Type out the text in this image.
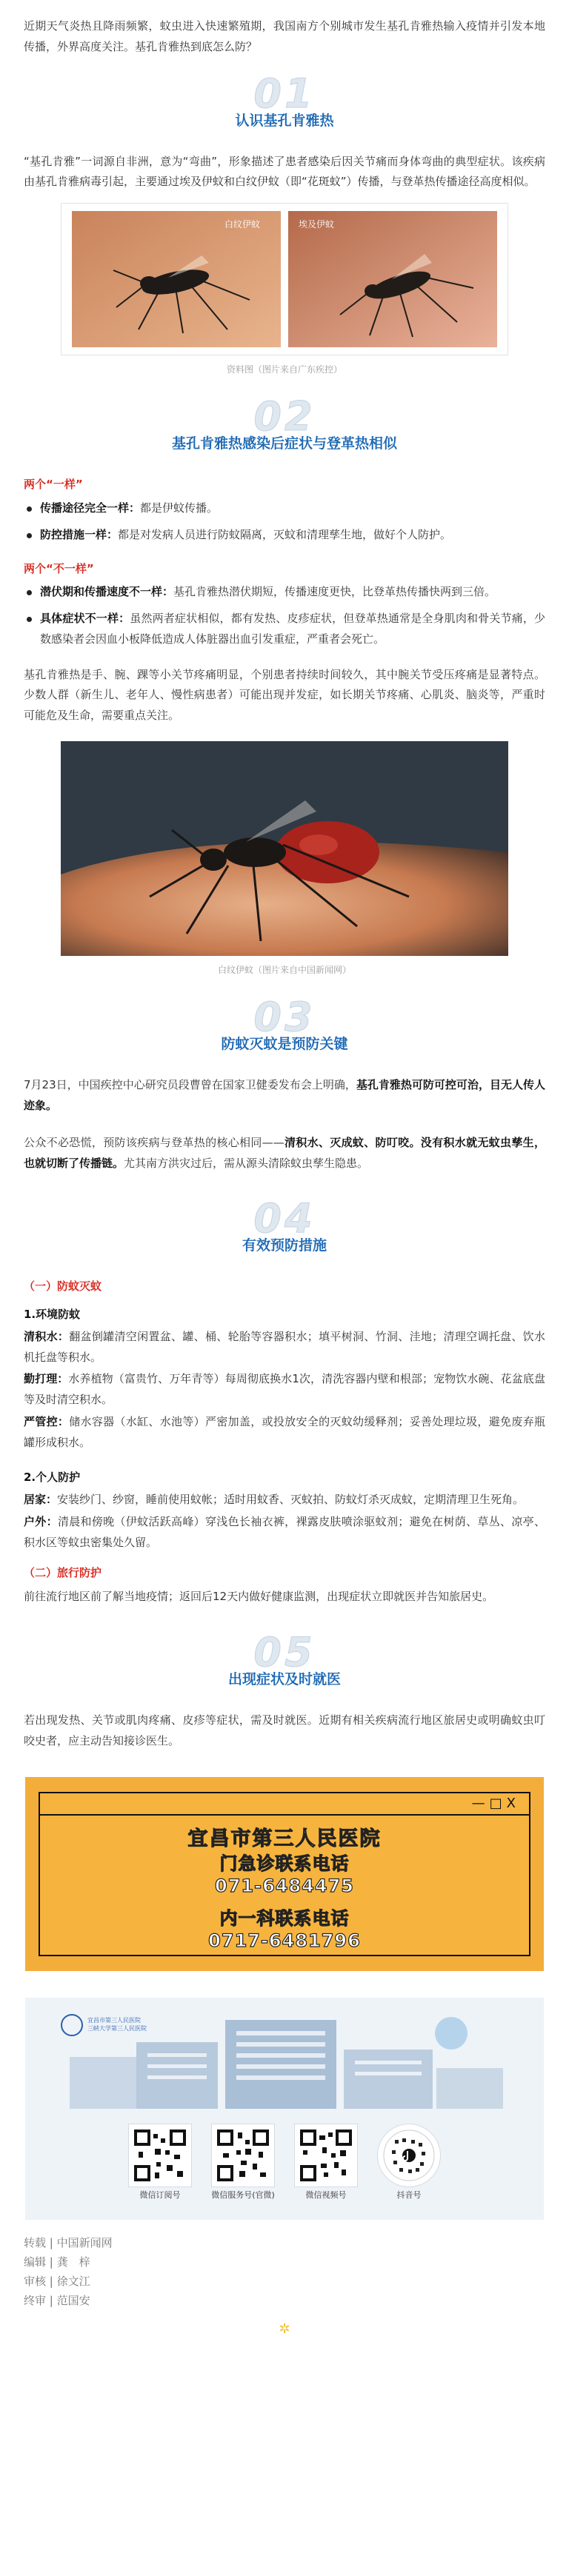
近期天气炎热且降雨频繁，蚊虫进入快速繁殖期，我国南方个别城市发生基孔肯雅热输入疫情并引发本地传播，外界高度关注。基孔肯雅热到底怎么防？

01
认识基孔肯雅热

“基孔肯雅”一词源自非洲，意为“弯曲”，形象描述了患者感染后因关节痛而身体弯曲的典型症状。该疾病由基孔肯雅病毒引起，主要通过埃及伊蚊和白纹伊蚊（即“花斑蚊”）传播，与登革热传播途径高度相似。

白纹伊蚊	埃及伊蚊
资料图（图片来自广东疾控）
02
基孔肯雅热感染后症状与登革热相似
两个“一样”
传播途径完全一样：都是伊蚊传播。
防控措施一样：都是对发病人员进行防蚊隔离，灭蚊和清理孳生地，做好个人防护。
两个“不一样”
潜伏期和传播速度不一样：基孔肯雅热潜伏期短，传播速度更快，比登革热传播快两到三倍。
具体症状不一样：虽然两者症状相似，都有发热、皮疹症状，但登革热通常是全身肌肉和骨关节痛，少数感染者会因血小板降低造成人体脏器出血引发重症，严重者会死亡。

基孔肯雅热是手、腕、踝等小关节疼痛明显，个别患者持续时间较久，其中腕关节受压疼痛是显著特点。少数人群（新生儿、老年人、慢性病患者）可能出现并发症，如长期关节疼痛、心肌炎、脑炎等，严重时可能危及生命，需要重点关注。

白纹伊蚊（图片来自中国新闻网）
03
防蚊灭蚊是预防关键

7月23日，中国疾控中心研究员段曹曾在国家卫健委发布会上明确，基孔肯雅热可防可控可治，目无人传人迹象。

公众不必恐慌，预防该疾病与登革热的核心相同——清积水、灭成蚊、防叮咬。没有积水就无蚊虫孳生，也就切断了传播链。尤其南方洪灾过后，需从源头清除蚊虫孳生隐患。

04
有效预防措施
（一）防蚊灭蚊
1.环境防蚊

清积水：翻盆倒罐清空闲置盆、罐、桶、轮胎等容器积水；填平树洞、竹洞、洼地；清理空调托盘、饮水机托盘等积水。

勤打理：水养植物（富贵竹、万年青等）每周彻底换水1次，清洗容器内壁和根部；宠物饮水碗、花盆底盘等及时清空积水。

严管控：储水容器（水缸、水池等）严密加盖，或投放安全的灭蚊幼缓释剂；妥善处理垃圾，避免废弃瓶罐形成积水。

2.个人防护

居家：安装纱门、纱窗，睡前使用蚊帐；适时用蚊香、灭蚊拍、防蚊灯杀灭成蚊，定期清理卫生死角。

户外：清晨和傍晚（伊蚊活跃高峰）穿浅色长袖衣裤，裸露皮肤喷涂驱蚊剂；避免在树荫、草丛、凉亭、积水区等蚊虫密集处久留。

（二）旅行防护

前往流行地区前了解当地疫情；返回后12天内做好健康监测，出现症状立即就医并告知旅居史。

05
出现症状及时就医

若出现发热、关节或肌肉疼痛、皮疹等症状，需及时就医。近期有相关疾病流行地区旅居史或明确蚊虫叮咬史者，应主动告知接诊医生。

—□X
宜昌市第三人民医院
门急诊联系电话
071-6484475
内一科联系电话
0717-6481796
宜昌市第三人民医院
三峡大学第三人民医院
微信订阅号	微信服务号(官微)	微信视频号	抖音号
转载 | 中国新闻网
编辑 | 龚　梓
审核 | 徐文江
终审 | 范国安
✲
